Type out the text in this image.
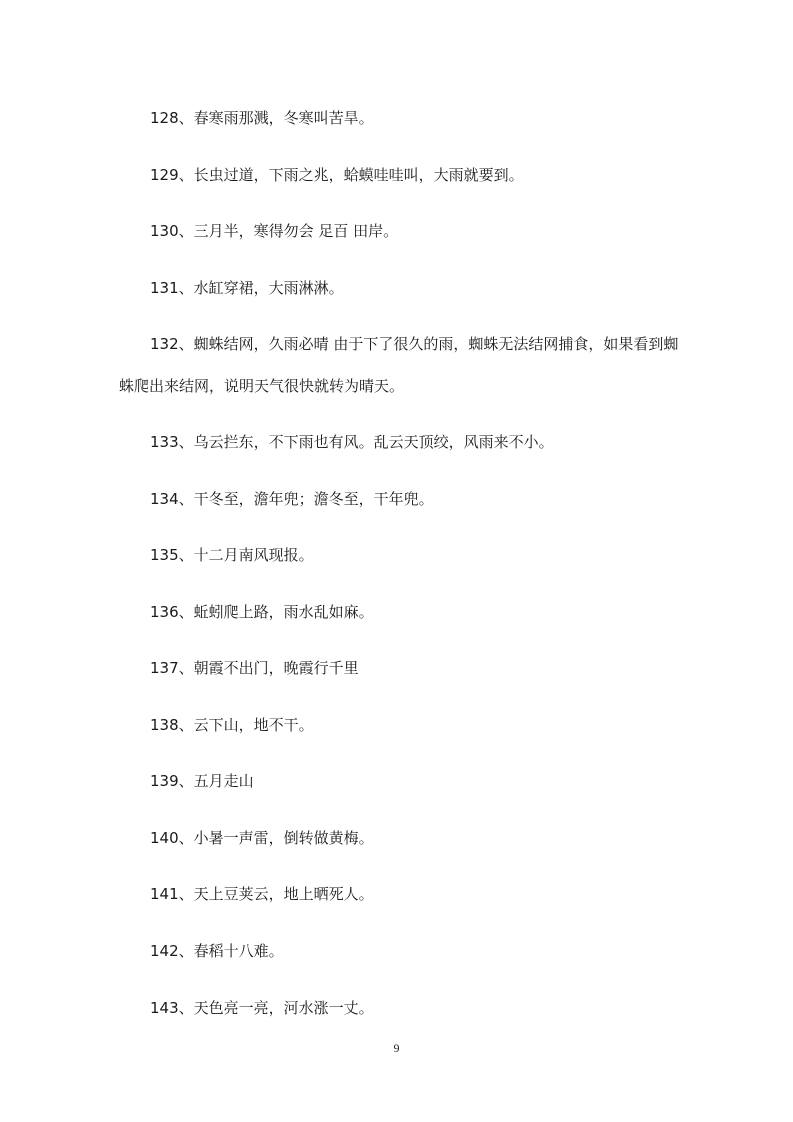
128、春寒雨那溅，冬寒叫苦旱。
129、长虫过道，下雨之兆，蛤蟆哇哇叫，大雨就要到。
130、三月半，寒得勿会 足百 田岸。
131、水缸穿裙，大雨淋淋。
132、蜘蛛结网，久雨必晴 由于下了很久的雨，蜘蛛无法结网捕食，如果看到蜘
蛛爬出来结网，说明天气很快就转为晴天。
133、乌云拦东，不下雨也有风。乱云天顶绞，风雨来不小。
134、干冬至，澹年兜；澹冬至，干年兜。
135、十二月南风现报。
136、蚯蚓爬上路，雨水乱如麻。
137、朝霞不出门，晚霞行千里
138、云下山，地不干。
139、五月走山
140、小暑一声雷，倒转做黄梅。
141、天上豆荚云，地上晒死人。
142、春稻十八难。
143、天色亮一亮，河水涨一丈。
9
